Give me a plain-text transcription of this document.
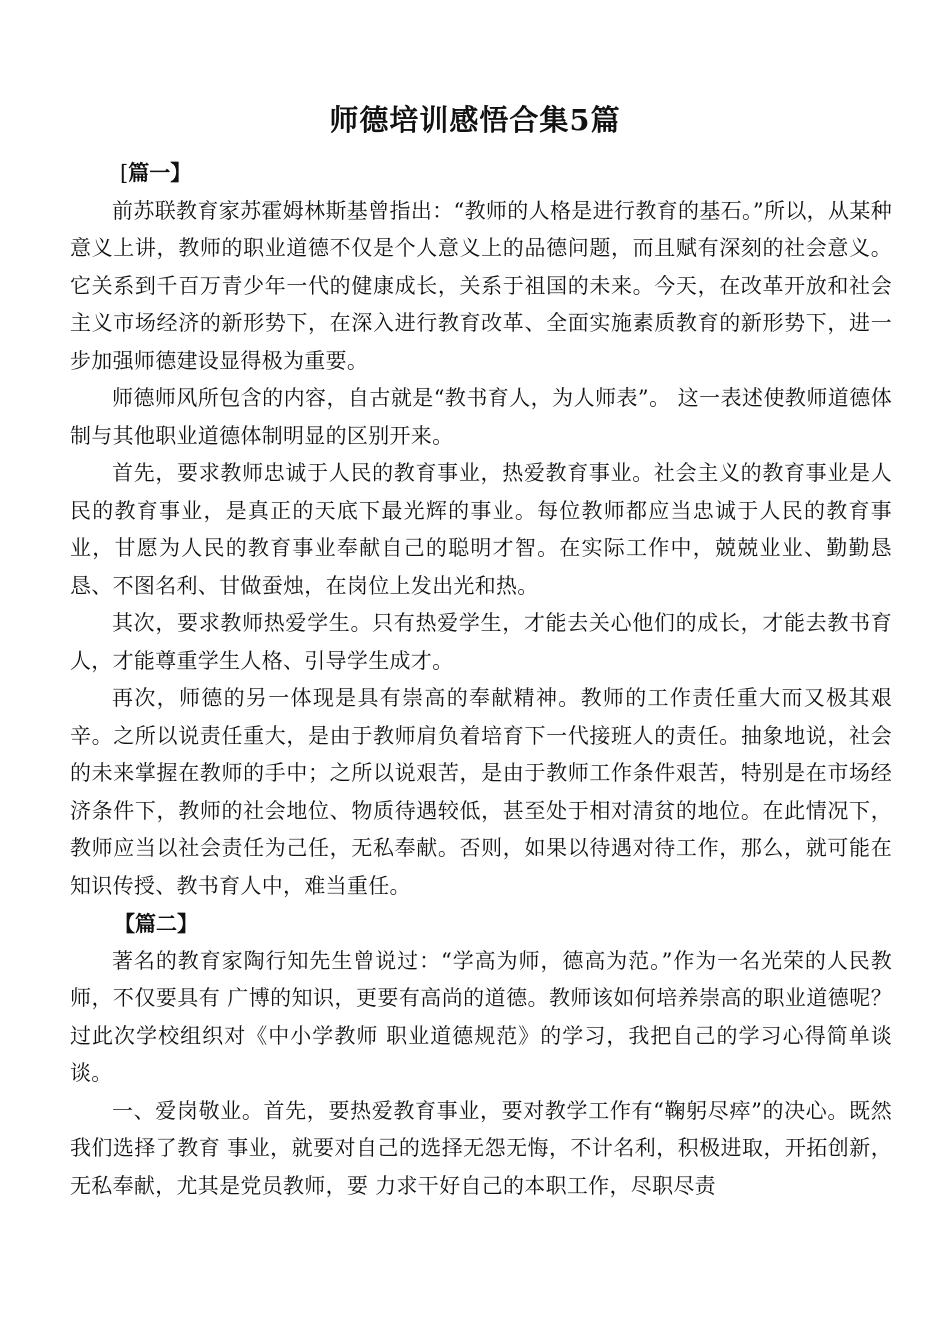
师德培训感悟合集5篇

[篇一】

前苏联教育家苏霍姆林斯基曾指出：“教师的人格是进行教育的基石。”所以，从某种意义上讲，教师的职业道德不仅是个人意义上的品德问题，而且赋有深刻的社会意义。它关系到千百万青少年一代的健康成长，关系于祖国的未来。今天，在改革开放和社会主义市场经济的新形势下，在深入进行教育改革、全面实施素质教育的新形势下，进一步加强师德建设显得极为重要。

师德师风所包含的内容，自古就是“教书育人，为人师表”。 这一表述使教师道德体制与其他职业道德体制明显的区别开来。

首先，要求教师忠诚于人民的教育事业，热爱教育事业。社会主义的教育事业是人民的教育事业，是真正的天底下最光辉的事业。每位教师都应当忠诚于人民的教育事业，甘愿为人民的教育事业奉献自己的聪明才智。在实际工作中，兢兢业业、勤勤恳恳、不图名利、甘做蚕烛，在岗位上发出光和热。

其次，要求教师热爱学生。只有热爱学生，才能去关心他们的成长，才能去教书育人，才能尊重学生人格、引导学生成才。

再次，师德的另一体现是具有崇高的奉献精神。教师的工作责任重大而又极其艰辛。之所以说责任重大，是由于教师肩负着培育下一代接班人的责任。抽象地说，社会的未来掌握在教师的手中；之所以说艰苦，是由于教师工作条件艰苦，特别是在市场经济条件下，教师的社会地位、物质待遇较低，甚至处于相对清贫的地位。在此情况下，教师应当以社会责任为己任，无私奉献。否则，如果以待遇对待工作，那么，就可能在知识传授、教书育人中，难当重任。

【篇二】

著名的教育家陶行知先生曾说过：“学高为师，德高为范。”作为一名光荣的人民教师，不仅要具有 广博的知识，更要有高尚的道德。教师该如何培养崇高的职业道德呢？过此次学校组织对《中小学教师 职业道德规范》的学习，我把自己的学习心得简单谈谈。

一、爱岗敬业。首先，要热爱教育事业，要对教学工作有“鞠躬尽瘁”的决心。既然我们选择了教育 事业，就要对自己的选择无怨无悔，不计名利，积极进取，开拓创新，无私奉献，尤其是党员教师，要 力求干好自己的本职工作，尽职尽责
